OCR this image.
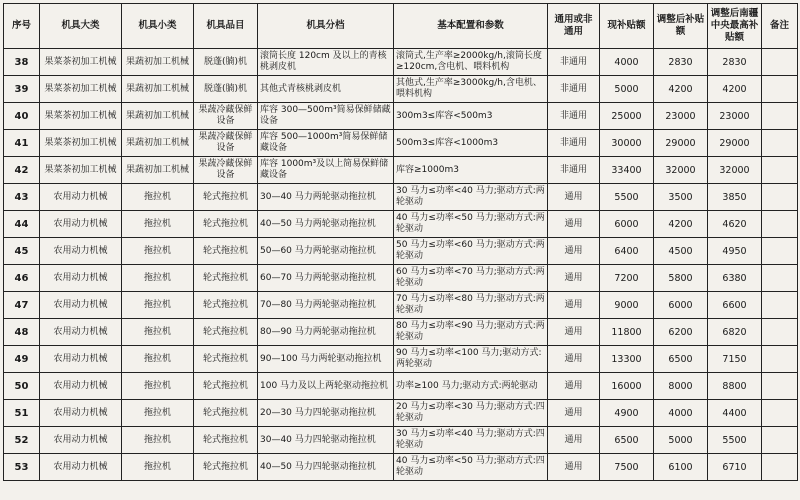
序号	机具大类	机具小类	机具品目	机具分档	基本配置和参数	通用或非通用	现补贴额	调整后补贴额	调整后南疆中央最高补贴额	备注
38	果菜茶初加工机械	果蔬初加工机械	脱蓬(腩)机	滚筒长度 120cm 及以上的青核桃剥皮机	滚筒式,生产率≥2000kg/h,滚筒长度≥120cm,含电机、喂料机构	非通用	4000	2830	2830	
39	果菜茶初加工机械	果蔬初加工机械	脱蓬(腩)机	其他式青核桃剥皮机	其他式,生产率≥3000kg/h,含电机、喂料机构	非通用	5000	4200	4200	
40	果菜茶初加工机械	果蔬初加工机械	果蔬冷藏保鲜设备	库容 300—500m³简易保鲜储藏设备	300m3≤库容<500m3	非通用	25000	23000	23000	
41	果菜茶初加工机械	果蔬初加工机械	果蔬冷藏保鲜设备	库容 500—1000m³简易保鲜储藏设备	500m3≤库容<1000m3	非通用	30000	29000	29000	
42	果菜茶初加工机械	果蔬初加工机械	果蔬冷藏保鲜设备	库容 1000m³及以上简易保鲜储藏设备	库容≥1000m3	非通用	33400	32000	32000	
43	农用动力机械	拖拉机	轮式拖拉机	30—40 马力两轮驱动拖拉机	30 马力≤功率<40 马力;驱动方式:两轮驱动	通用	5500	3500	3850	
44	农用动力机械	拖拉机	轮式拖拉机	40—50 马力两轮驱动拖拉机	40 马力≤功率<50 马力;驱动方式:两轮驱动	通用	6000	4200	4620	
45	农用动力机械	拖拉机	轮式拖拉机	50—60 马力两轮驱动拖拉机	50 马力≤功率<60 马力;驱动方式:两轮驱动	通用	6400	4500	4950	
46	农用动力机械	拖拉机	轮式拖拉机	60—70 马力两轮驱动拖拉机	60 马力≤功率<70 马力;驱动方式:两轮驱动	通用	7200	5800	6380	
47	农用动力机械	拖拉机	轮式拖拉机	70—80 马力两轮驱动拖拉机	70 马力≤功率<80 马力;驱动方式:两轮驱动	通用	9000	6000	6600	
48	农用动力机械	拖拉机	轮式拖拉机	80—90 马力两轮驱动拖拉机	80 马力≤功率<90 马力;驱动方式:两轮驱动	通用	11800	6200	6820	
49	农用动力机械	拖拉机	轮式拖拉机	90—100 马力两轮驱动拖拉机	90 马力≤功率<100 马力;驱动方式:两轮驱动	通用	13300	6500	7150	
50	农用动力机械	拖拉机	轮式拖拉机	100 马力及以上两轮驱动拖拉机	功率≥100 马力;驱动方式:两轮驱动	通用	16000	8000	8800	
51	农用动力机械	拖拉机	轮式拖拉机	20—30 马力四轮驱动拖拉机	20 马力≤功率<30 马力;驱动方式:四轮驱动	通用	4900	4000	4400	
52	农用动力机械	拖拉机	轮式拖拉机	30—40 马力四轮驱动拖拉机	30 马力≤功率<40 马力;驱动方式:四轮驱动	通用	6500	5000	5500	
53	农用动力机械	拖拉机	轮式拖拉机	40—50 马力四轮驱动拖拉机	40 马力≤功率<50 马力;驱动方式:四轮驱动	通用	7500	6100	6710	
